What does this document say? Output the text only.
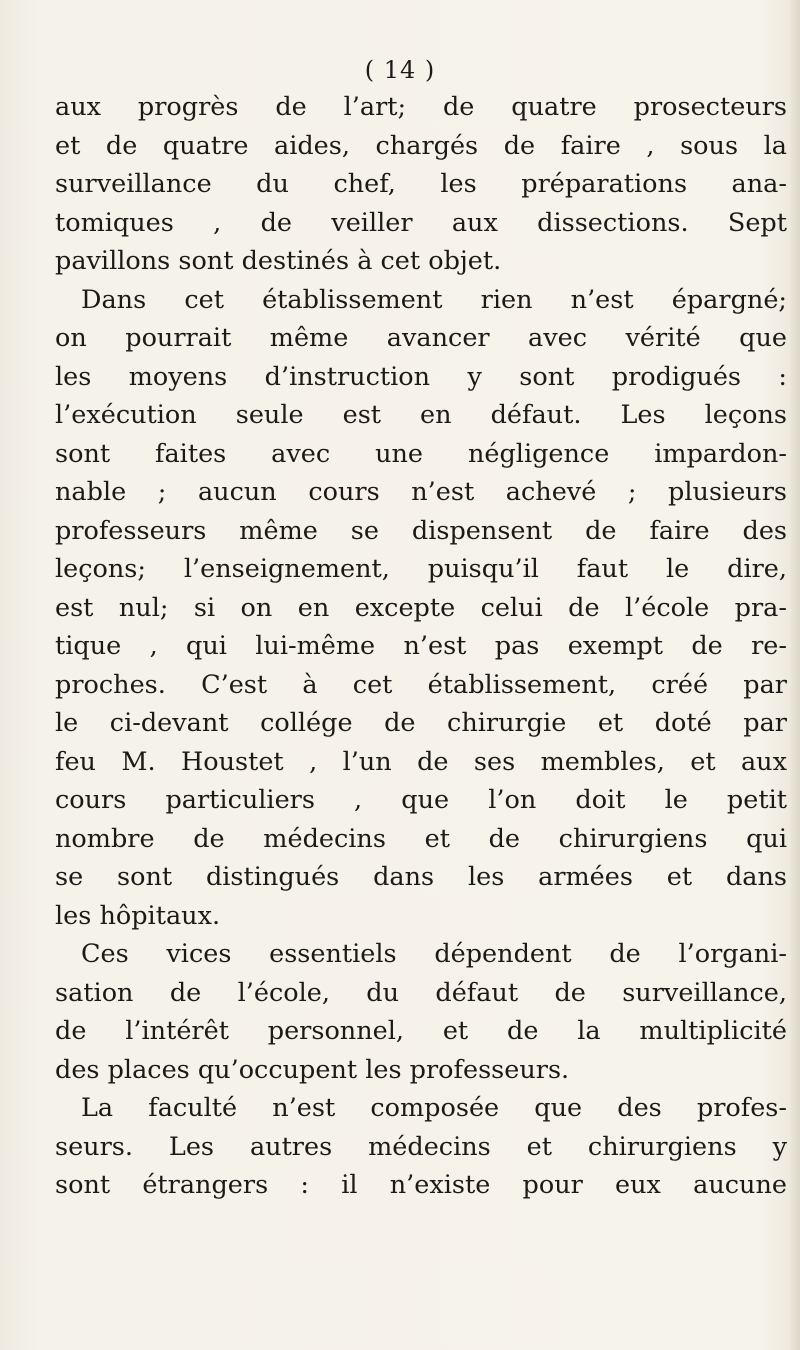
( 14 )
aux progrès de l’art; de quatre prosecteurs
et de quatre aides, chargés de faire , sous la
surveillance du chef, les préparations ana-
tomiques , de veiller aux dissections. Sept
pavillons sont destinés à cet objet.
Dans cet établissement rien n’est épargné;
on pourrait même avancer avec vérité que
les moyens d’instruction y sont prodigués :
l’exécution seule est en défaut. Les leçons
sont faites avec une négligence impardon-
nable ; aucun cours n’est achevé ; plusieurs
professeurs même se dispensent de faire des
leçons; l’enseignement, puisqu’il faut le dire,
est nul; si on en excepte celui de l’école pra-
tique , qui lui-même n’est pas exempt de re-
proches. C’est à cet établissement, créé par
le ci-devant collége de chirurgie et doté par
feu M. Houstet , l’un de ses membles, et aux
cours particuliers , que l’on doit le petit
nombre de médecins et de chirurgiens qui
se sont distingués dans les armées et dans
les hôpitaux.
Ces vices essentiels dépendent de l’organi-
sation de l’école, du défaut de surveillance,
de l’intérêt personnel, et de la multiplicité
des places qu’occupent les professeurs.
La faculté n’est composée que des profes-
seurs. Les autres médecins et chirurgiens y
sont étrangers : il n’existe pour eux aucune
